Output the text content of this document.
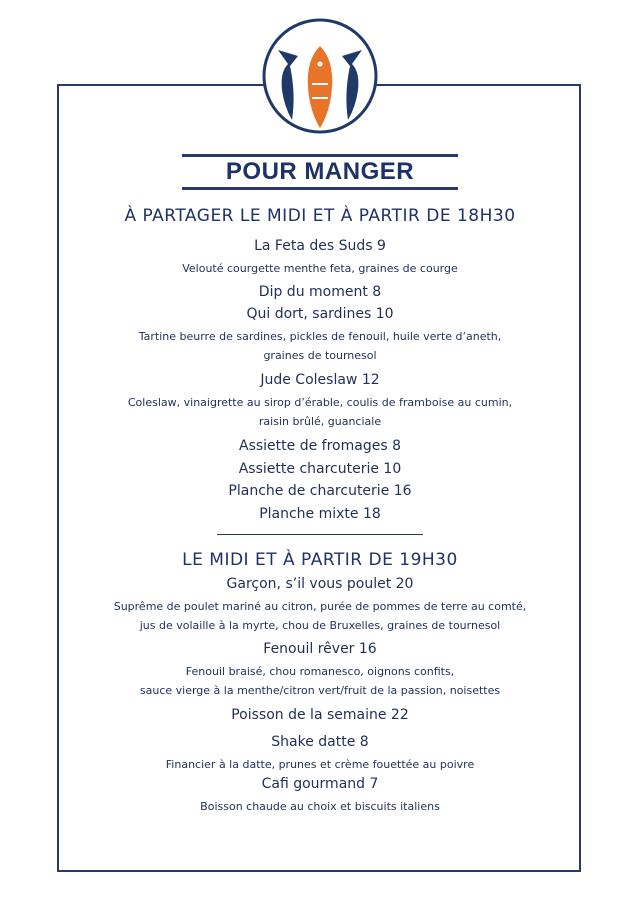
POUR MANGER
À PARTAGER LE MIDI ET À PARTIR DE 18H30
La Feta des Suds 9
Velouté courgette menthe feta, graines de courge
Dip du moment 8
Qui dort, sardines 10
Tartine beurre de sardines, pickles de fenouil, huile verte d’aneth,
graines de tournesol
Jude Coleslaw 12
Coleslaw, vinaigrette au sirop d’érable, coulis de framboise au cumin,
raisin brûlé, guanciale
Assiette de fromages 8
Assiette charcuterie 10
Planche de charcuterie 16
Planche mixte 18
LE MIDI ET À PARTIR DE 19H30
Garçon, s’il vous poulet 20
Suprême de poulet mariné au citron, purée de pommes de terre au comté,
jus de volaille à la myrte, chou de Bruxelles, graines de tournesol
Fenouil rêver 16
Fenouil braisé, chou romanesco, oignons confits,
sauce vierge à la menthe/citron vert/fruit de la passion, noisettes
Poisson de la semaine 22
Shake datte 8
Financier à la datte, prunes et crème fouettée au poivre
Cafi gourmand 7
Boisson chaude au choix et biscuits italiens
